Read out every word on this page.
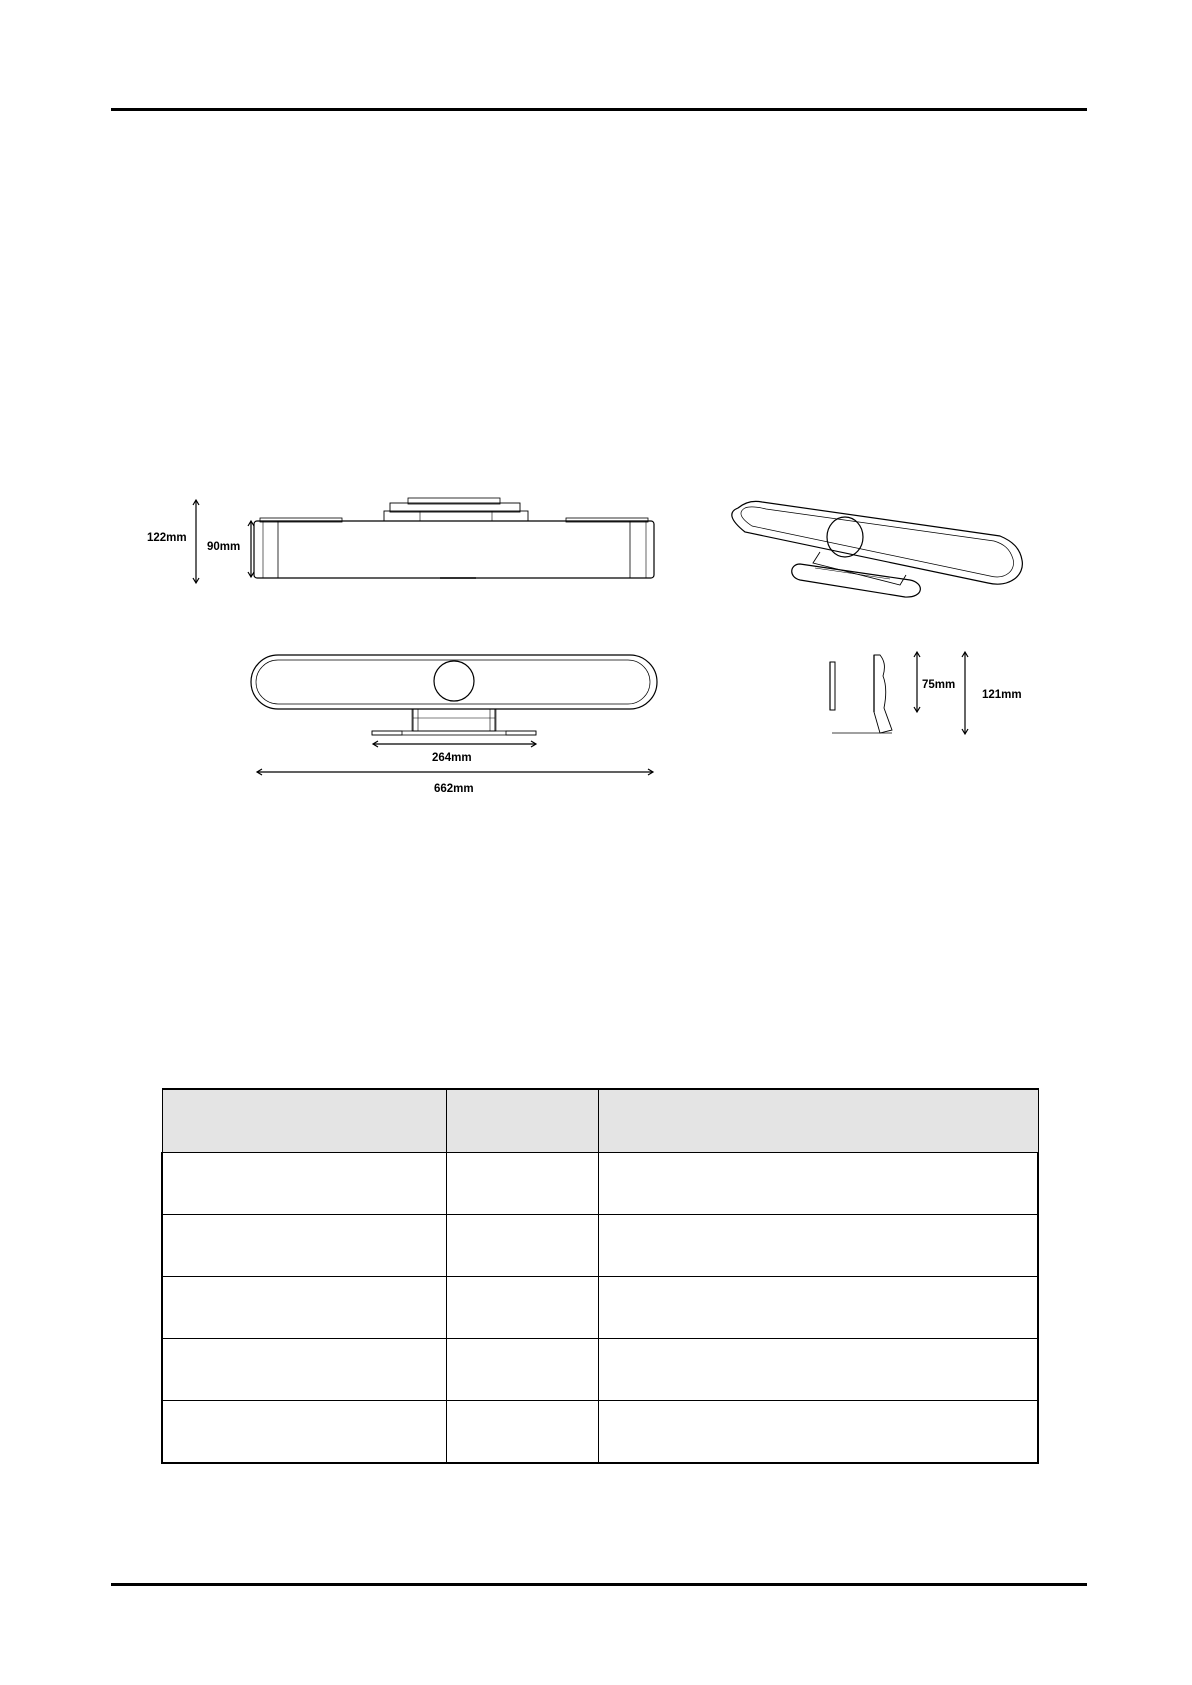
122mm
90mm
264mm
662mm
75mm
121mm
